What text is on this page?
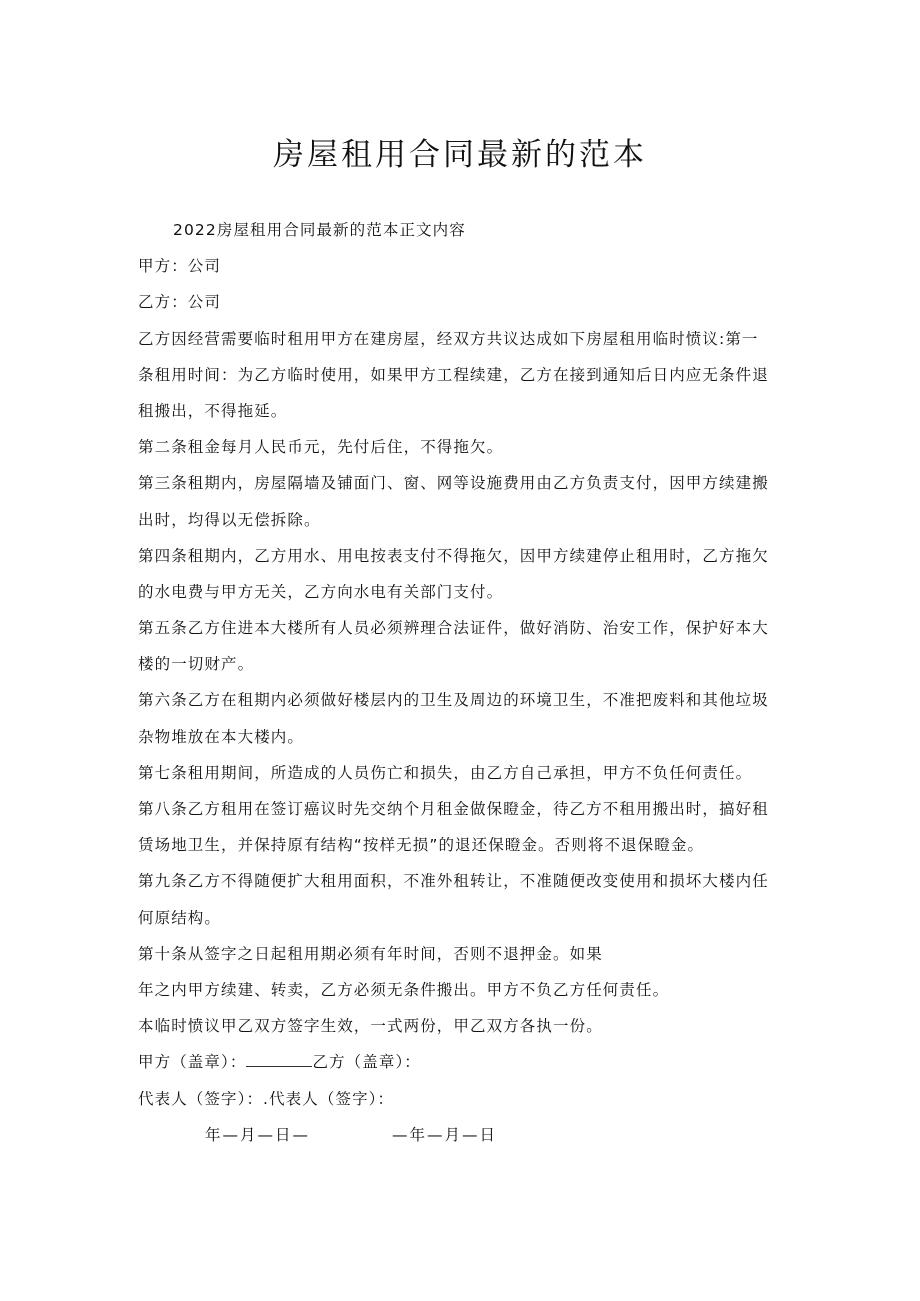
房屋租用合同最新的范本

2022房屋租用合同最新的范本正文内容

甲方：公司

乙方：公司

乙方因经营需要临时租用甲方在建房屋，经双方共议达成如下房屋租用临时愤议:第一

条租用时间：为乙方临时使用，如果甲方工程续建，乙方在接到通知后日内应无条件退

租搬出，不得拖延。

第二条租金每月人民币元，先付后住，不得拖欠。

第三条租期内，房屋隔墙及铺面门、窗、网等设施费用由乙方负责支付，因甲方续建搬

出时，均得以无偿拆除。

第四条租期内，乙方用水、用电按表支付不得拖欠，因甲方续建停止租用时，乙方拖欠

的水电费与甲方无关，乙方向水电有关部门支付。

第五条乙方住进本大楼所有人员必须辨理合法证件，做好消防、治安工作，保护好本大

楼的一切财产。

第六条乙方在租期内必须做好楼层内的卫生及周边的环境卫生，不准把废料和其他垃圾

杂物堆放在本大楼内。

第七条租用期间，所造成的人员伤亡和损失，由乙方自己承担，甲方不负任何责任。

第八条乙方租用在签订癌议时先交纳个月租金做保瞪金，待乙方不租用搬出时，搞好租

赁场地卫生，并保持原有结构“按样无损”的退还保瞪金。否则将不退保瞪金。

第九条乙方不得随便扩大租用面积，不准外租转让，不准随便改变使用和损坏大楼内任

何原结构。

第十条从签字之日起租用期必须有年时间，否则不退押金。如果

年之内甲方续建、转卖，乙方必须无条件搬出。甲方不负乙方任何责任。

本临时愤议甲乙双方签字生效，一式两份，甲乙双方各执一份。

甲方（盖章）：	乙方（盖章）：

代表人（签字）：.代表人（签字）：

年—月—日—	—年—月—日
